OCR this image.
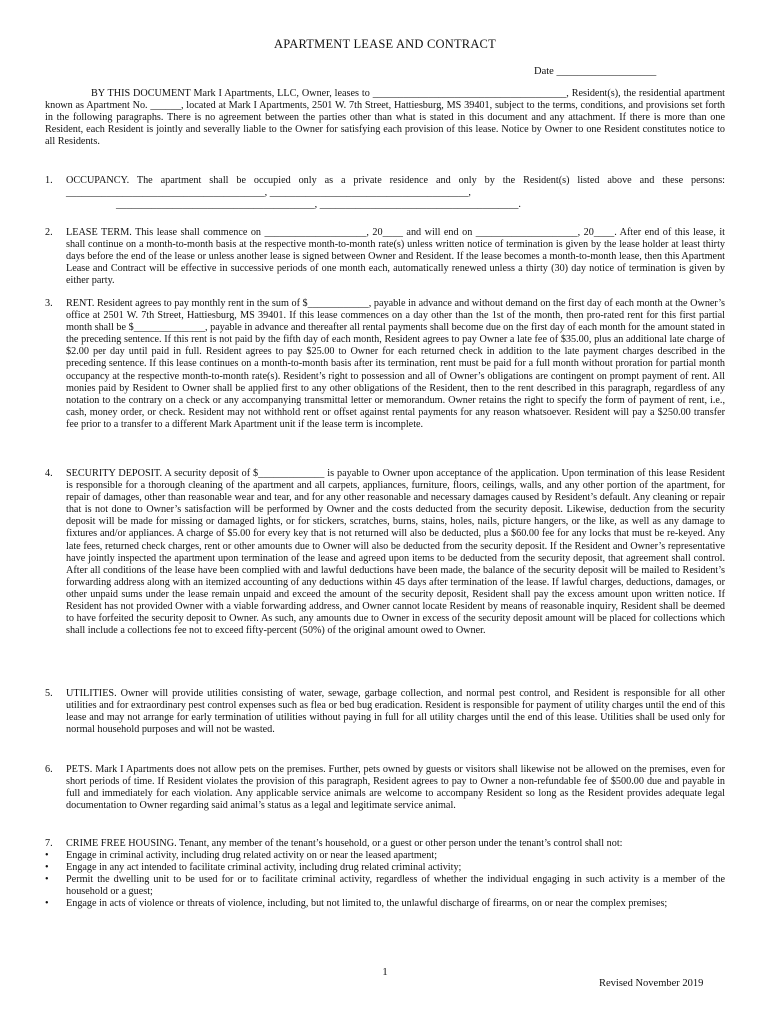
APARTMENT LEASE AND CONTRACT
Date ___________________
BY THIS DOCUMENT Mark I Apartments, LLC, Owner, leases to ______________________________________, Resident(s), the residential apartment known as Apartment No. ______, located at Mark I Apartments, 2501 W. 7th Street, Hattiesburg, MS 39401, subject to the terms, conditions, and provisions set forth in the following paragraphs. There is no agreement between the parties other than what is stated in this document and any attachment. If there is more than one Resident, each Resident is jointly and severally liable to the Owner for satisfying each provision of this lease. Notice by Owner to one Resident constitutes notice to all Residents.
1. OCCUPANCY. The apartment shall be occupied only as a private residence and only by the Resident(s) listed above and these persons: _______________________________________, _______________________________________,
_______________________________________, _______________________________________.
2. LEASE TERM. This lease shall commence on ____________________, 20____ and will end on ____________________, 20____. After end of this lease, it shall continue on a month-to-month basis at the respective month-to-month rate(s) unless written notice of termination is given by the lease holder at least thirty days before the end of the lease or unless another lease is signed between Owner and Resident. If the lease becomes a month-to-month lease, then this Apartment Lease and Contract will be effective in successive periods of one month each, automatically renewed unless a thirty (30) day notice of termination is given by either party.
3. RENT. Resident agrees to pay monthly rent in the sum of $____________, payable in advance and without demand on the first day of each month at the Owner’s office at 2501 W. 7th Street, Hattiesburg, MS 39401. If this lease commences on a day other than the 1st of the month, then pro-rated rent for this first partial month shall be $______________, payable in advance and thereafter all rental payments shall become due on the first day of each month for the amount stated in the preceding sentence. If this rent is not paid by the fifth day of each month, Resident agrees to pay Owner a late fee of $35.00, plus an additional late charge of $2.00 per day until paid in full. Resident agrees to pay $25.00 to Owner for each returned check in addition to the late payment charges described in the preceding sentence. If this lease continues on a month-to-month basis after its termination, rent must be paid for a full month without proration for partial month occupancy at the respective month-to-month rate(s). Resident’s right to possession and all of Owner’s obligations are contingent on prompt payment of rent. All monies paid by Resident to Owner shall be applied first to any other obligations of the Resident, then to the rent described in this paragraph, regardless of any notation to the contrary on a check or any accompanying transmittal letter or memorandum. Owner retains the right to specify the form of payment of rent, i.e., cash, money order, or check. Resident may not withhold rent or offset against rental payments for any reason whatsoever. Resident will pay a $250.00 transfer fee prior to a transfer to a different Mark Apartment unit if the lease term is incomplete.
4. SECURITY DEPOSIT. A security deposit of $_____________ is payable to Owner upon acceptance of the application. Upon termination of this lease Resident is responsible for a thorough cleaning of the apartment and all carpets, appliances, furniture, floors, ceilings, walls, and any other portion of the apartment, for repair of damages, other than reasonable wear and tear, and for any other reasonable and necessary damages caused by Resident’s default. Any cleaning or repair that is not done to Owner’s satisfaction will be performed by Owner and the costs deducted from the security deposit. Likewise, deduction from the security deposit will be made for missing or damaged lights, or for stickers, scratches, burns, stains, holes, nails, picture hangers, or the like, as well as any damage to fixtures and/or appliances. A charge of $5.00 for every key that is not returned will also be deducted, plus a $60.00 fee for any locks that must be re-keyed. Any late fees, returned check charges, rent or other amounts due to Owner will also be deducted from the security deposit. If the Resident and Owner’s representative have jointly inspected the apartment upon termination of the lease and agreed upon items to be deducted from the security deposit, that agreement shall control. After all conditions of the lease have been complied with and lawful deductions have been made, the balance of the security deposit will be mailed to Resident’s forwarding address along with an itemized accounting of any deductions within 45 days after termination of the lease. If lawful charges, deductions, damages, or other unpaid sums under the lease remain unpaid and exceed the amount of the security deposit, Resident shall pay the excess amount upon written notice. If Resident has not provided Owner with a viable forwarding address, and Owner cannot locate Resident by means of reasonable inquiry, Resident shall be deemed to have forfeited the security deposit to Owner. As such, any amounts due to Owner in excess of the security deposit amount will be placed for collections which shall include a collections fee not to exceed fifty-percent (50%) of the original amount owed to Owner.
5. UTILITIES. Owner will provide utilities consisting of water, sewage, garbage collection, and normal pest control, and Resident is responsible for all other utilities and for extraordinary pest control expenses such as flea or bed bug eradication. Resident is responsible for payment of utility charges until the end of this lease and may not arrange for early termination of utilities without paying in full for all utility charges until the end of this lease. Utilities shall be used only for normal household purposes and will not be wasted.
6. PETS. Mark I Apartments does not allow pets on the premises. Further, pets owned by guests or visitors shall likewise not be allowed on the premises, even for short periods of time. If Resident violates the provision of this paragraph, Resident agrees to pay to Owner a non-refundable fee of $500.00 due and payable in full and immediately for each violation. Any applicable service animals are welcome to accompany Resident so long as the Resident provides adequate legal documentation to Owner regarding said animal’s status as a legal and legitimate service animal.
7. CRIME FREE HOUSING. Tenant, any member of the tenant’s household, or a guest or other person under the tenant’s control shall not:
• Engage in criminal activity, including drug related activity on or near the leased apartment;
• Engage in any act intended to facilitate criminal activity, including drug related criminal activity;
• Permit the dwelling unit to be used for or to facilitate criminal activity, regardless of whether the individual engaging in such activity is a member of the household or a guest;
• Engage in acts of violence or threats of violence, including, but not limited to, the unlawful discharge of firearms, on or near the complex premises;
1
Revised November 2019
